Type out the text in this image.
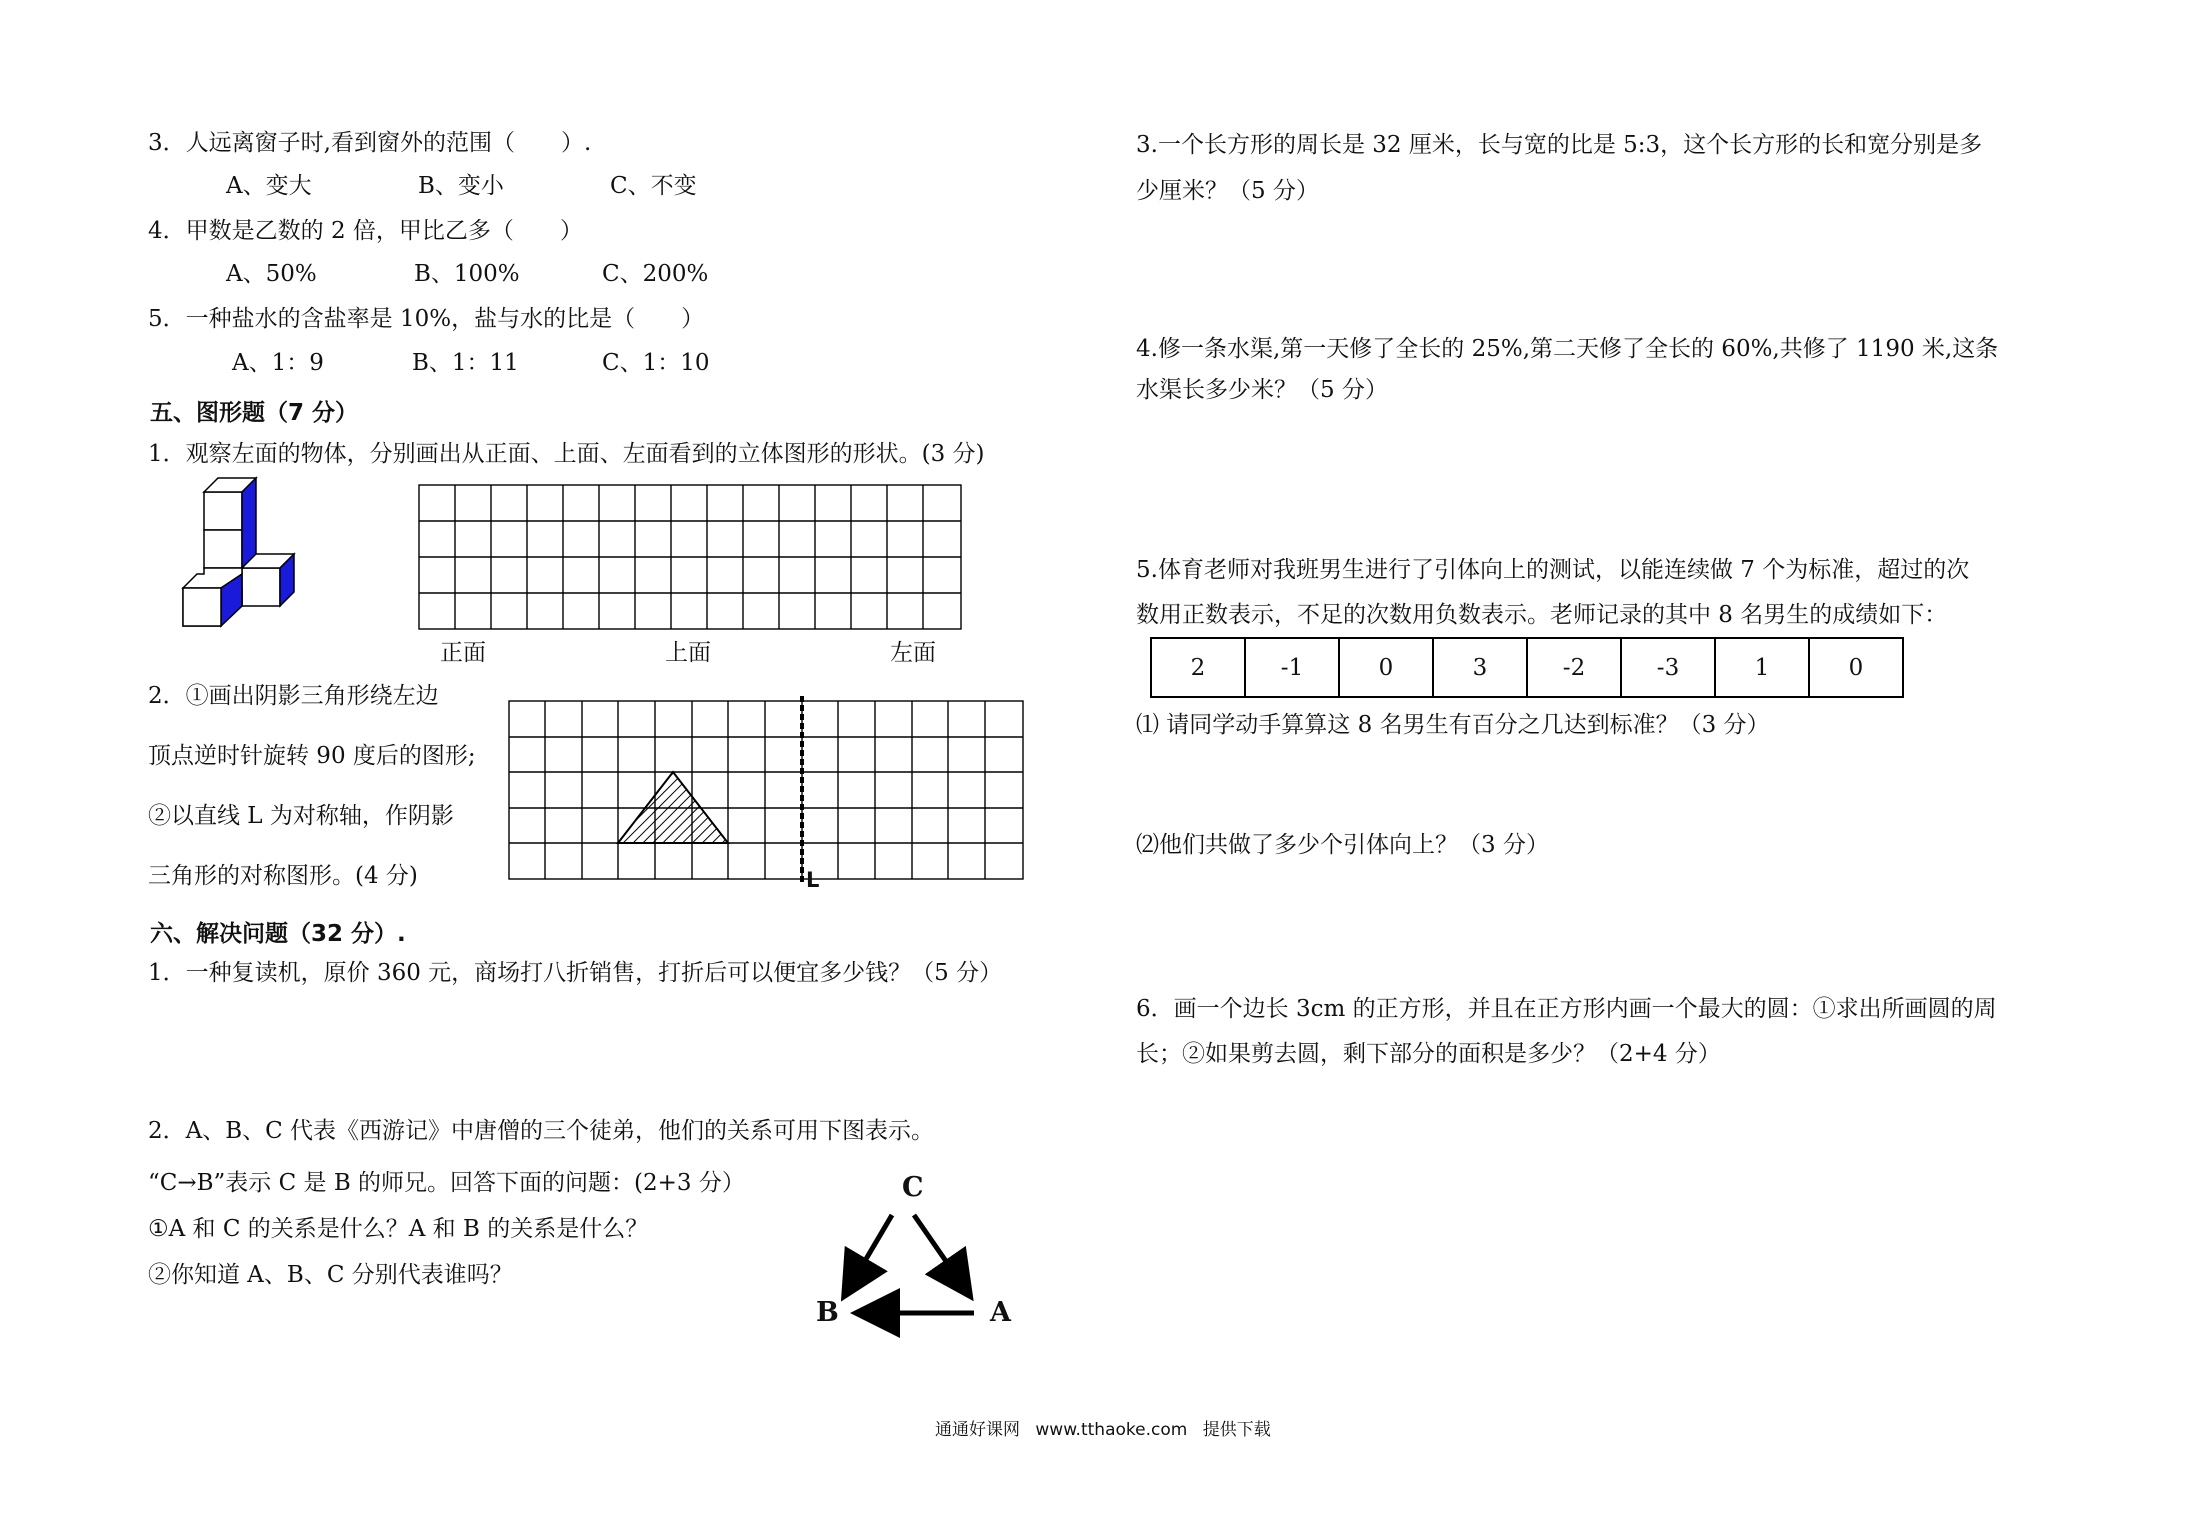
3．人远离窗子时,看到窗外的范围（　　）.
A、变大	B、变小	C、不变
4．甲数是乙数的 2 倍，甲比乙多（　　）
A、50%	B、100%	C、200%
5．一种盐水的含盐率是 10%，盐与水的比是（　　）
A、1：9	B、1：11	C、1：10
五、图形题（7 分）
1．观察左面的物体，分别画出从正面、上面、左面看到的立体图形的形状。(3 分)
正面	上面	左面
2．①画出阴影三角形绕左边
顶点逆时针旋转 90 度后的图形;
②以直线 L 为对称轴，作阴影
三角形的对称图形。(4 分)	L
六、解决问题（32 分）.
1．一种复读机，原价 360 元，商场打八折销售，打折后可以便宜多少钱？（5 分）
2．A、B、C 代表《西游记》中唐僧的三个徒弟，他们的关系可用下图表示。
“C→B”表示 C 是 B 的师兄。回答下面的问题：(2+3 分）
①A 和 C 的关系是什么？A 和 B 的关系是什么？
②你知道 A、B、C 分别代表谁吗？
C
B	A
3.一个长方形的周长是 32 厘米，长与宽的比是 5:3，这个长方形的长和宽分别是多
少厘米？（5 分）
4.修一条水渠,第一天修了全长的 25%,第二天修了全长的 60%,共修了 1190 米,这条
水渠长多少米？（5 分）
5.体育老师对我班男生进行了引体向上的测试，以能连续做 7 个为标准，超过的次
数用正数表示，不足的次数用负数表示。老师记录的其中 8 名男生的成绩如下：
2	-1	0	3	-2	-3	1	0
⑴ 请同学动手算算这 8 名男生有百分之几达到标准？（3 分）
⑵他们共做了多少个引体向上？（3 分）
6．画一个边长 3cm 的正方形，并且在正方形内画一个最大的圆：①求出所画圆的周
长；②如果剪去圆，剩下部分的面积是多少？（2+4 分）
通通好课网 www.tthaoke.com 提供下载
